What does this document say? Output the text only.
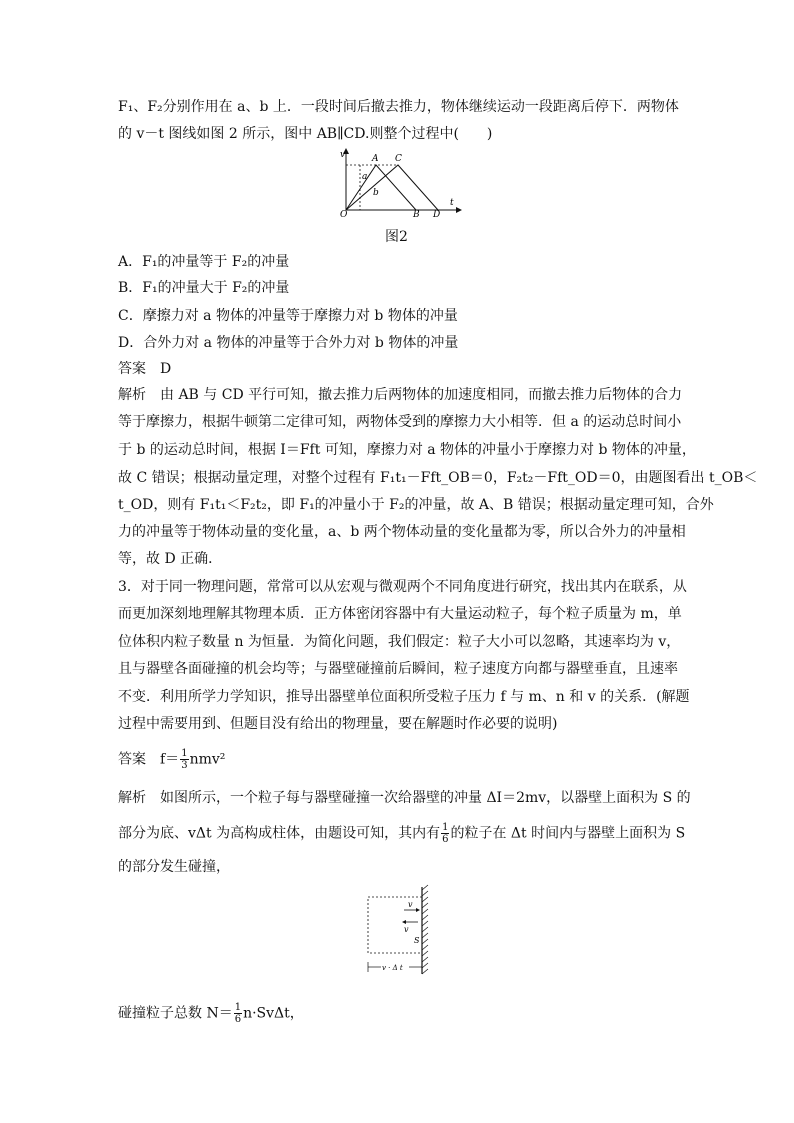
F₁、F₂分别作用在 a、b 上．一段时间后撤去推力，物体继续运动一段距离后停下．两物体
的 v－t 图线如图 2 所示，图中 AB∥CD.则整个过程中(　　)
v
t
O
A C
B D
a
b
图2
A．F₁的冲量等于 F₂的冲量
B．F₁的冲量大于 F₂的冲量
C．摩擦力对 a 物体的冲量等于摩擦力对 b 物体的冲量
D．合外力对 a 物体的冲量等于合外力对 b 物体的冲量
答案　D
解析　由 AB 与 CD 平行可知，撤去推力后两物体的加速度相同，而撤去推力后物体的合力
等于摩擦力，根据牛顿第二定律可知，两物体受到的摩擦力大小相等．但 a 的运动总时间小
于 b 的运动总时间，根据 I＝Fft 可知，摩擦力对 a 物体的冲量小于摩擦力对 b 物体的冲量，
故 C 错误；根据动量定理，对整个过程有 F₁t₁－Fft_OB＝0，F₂t₂－Fft_OD＝0，由题图看出 t_OB＜
t_OD，则有 F₁t₁＜F₂t₂，即 F₁的冲量小于 F₂的冲量，故 A、B 错误；根据动量定理可知，合外
力的冲量等于物体动量的变化量，a、b 两个物体动量的变化量都为零，所以合外力的冲量相
等，故 D 正确．
3．对于同一物理问题，常常可以从宏观与微观两个不同角度进行研究，找出其内在联系，从
而更加深刻地理解其物理本质．正方体密闭容器中有大量运动粒子，每个粒子质量为 m，单
位体积内粒子数量 n 为恒量．为简化问题，我们假定：粒子大小可以忽略，其速率均为 v，
且与器壁各面碰撞的机会均等；与器壁碰撞前后瞬间，粒子速度方向都与器壁垂直，且速率
不变．利用所学力学知识，推导出器壁单位面积所受粒子压力 f 与 m、n 和 v 的关系．(解题
过程中需要用到、但题目没有给出的物理量，要在解题时作必要的说明)
答案　$f= \frac{1}{3} nmv^2$
解析　如图所示，一个粒子每与器壁碰撞一次给器壁的冲量 ΔI＝2mv，以器壁上面积为 S 的
部分为底、vΔt 为高构成柱体，由题设可知，其内有 $\frac{1}{6}$ 的粒子在 Δt 时间内与器壁上面积为 S
的部分发生碰撞，
v
v
S
v · Δ t
碰撞粒子总数 $N= \frac{1}{6} n\cdot Sv\Delta t$，
